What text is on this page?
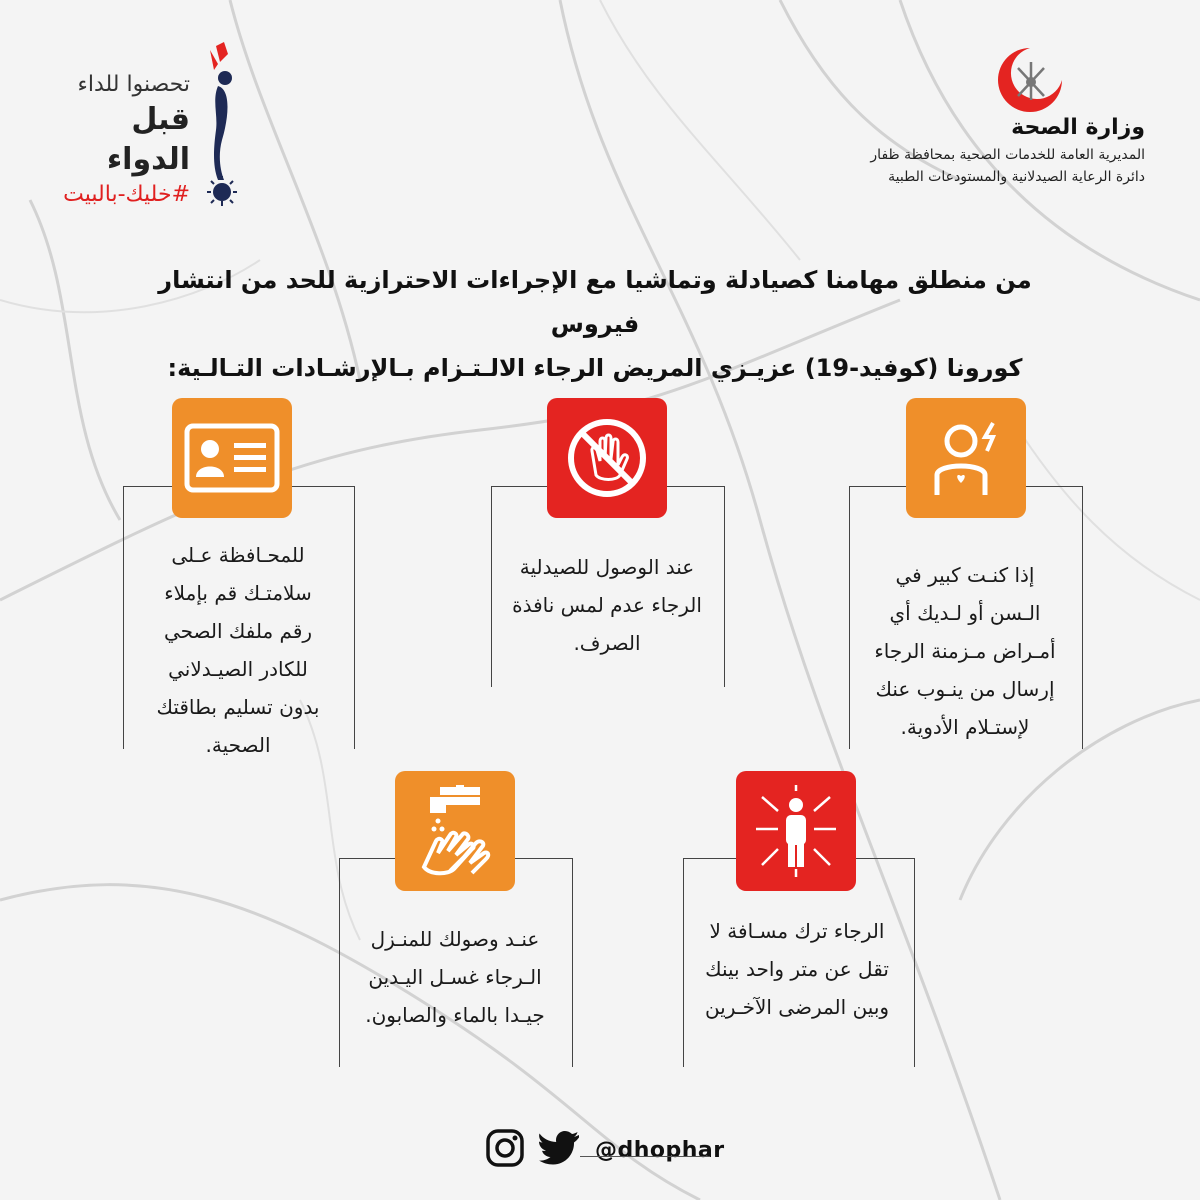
تحصنوا للداء
قبل الدواء
#خليك-بالبيت
وزارة الصحة
المديرية العامة للخدمات الصحية بمحافظة ظفار
دائرة الرعاية الصيدلانية والمستودعات الطبية

من منطلق مهامنا كصيادلة وتماشيا مع الإجراءات الاحترازية للحد من انتشار فيروس

كورونا (كوفيد-19) عزيـزي المريض الرجاء الالـتـزام بـالإرشـادات التـالـية:

للمحـافظة عـلى
سلامتـك قم بإملاء
رقم ملفك الصحي
للكادر الصيـدلاني
بدون تسليم بطاقتك
الصحية.
عند الوصول للصيدلية
الرجاء عدم لمس نافذة
الصرف.
إذا كنـت كبير في
الـسن أو لـديك أي
أمـراض مـزمنة الرجاء
إرسال من ينـوب عنك
لإستـلام الأدوية.
عنـد وصولك للمنـزل
الـرجاء غسـل اليـدين
جيـدا بالماء والصابون.
الرجاء ترك مسـافة لا
تقل عن متر واحد بينك
وبين المرضى الآخـرين
@dhophar
